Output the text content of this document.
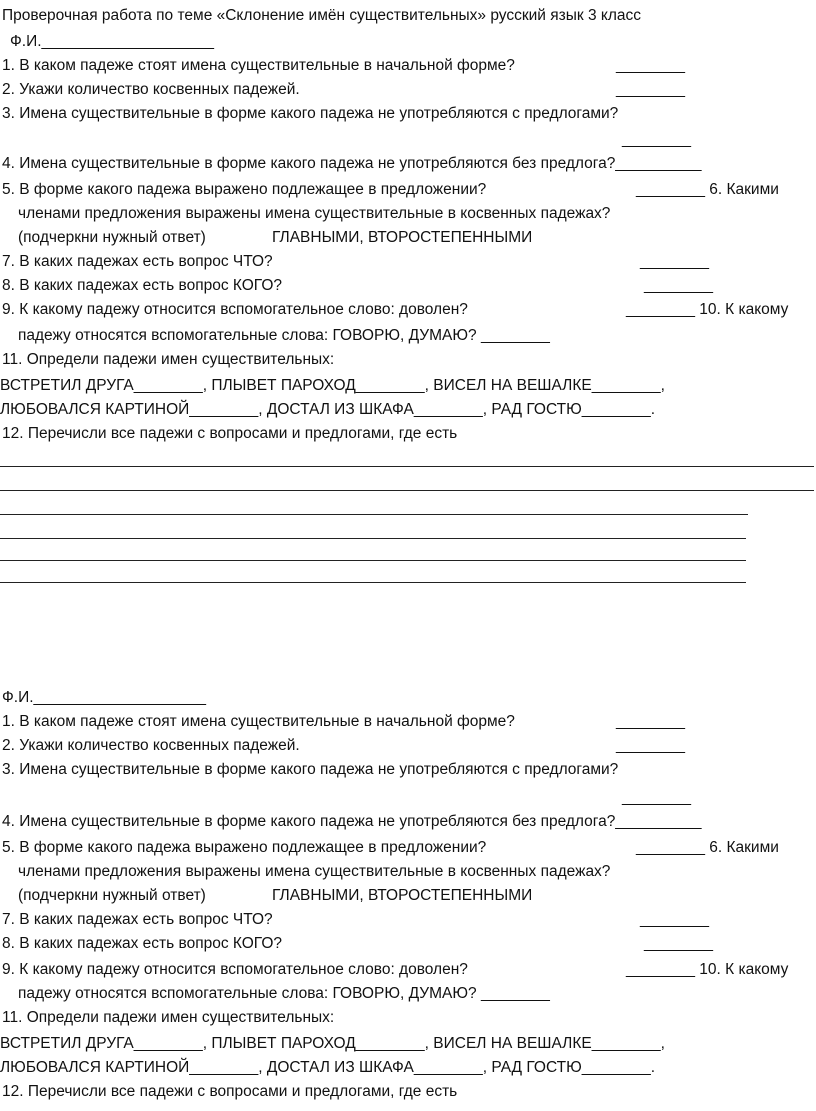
Проверочная работа по теме «Склонение имён существительных» русский язык 3 класс
Ф.И.____________________
1. В каком падеже стоят имена существительные в начальной форме?	________
2. Укажи количество косвенных падежей.	________
3. Имена существительные в форме какого падежа не употребляются с предлогами?
________
4. Имена существительные в форме какого падежа не употребляются без предлога?__________
5. В форме какого падежа выражено подлежащее в предложении?	________ 6. Какими
членами предложения выражены имена существительные в косвенных падежах?
(подчеркни нужный ответ)	ГЛАВНЫМИ, ВТОРОСТЕПЕННЫМИ
7. В каких падежах есть вопрос ЧТО?	________
8. В каких падежах есть вопрос КОГО?	________
9. К какому падежу относится вспомогательное слово: доволен?	________ 10. К какому
падежу относятся вспомогательные слова: ГОВОРЮ, ДУМАЮ? ________
11. Определи падежи имен существительных:
ВСТРЕТИЛ ДРУГА________, ПЛЫВЕТ ПАРОХОД________, ВИСЕЛ НА ВЕШАЛКЕ________,
ЛЮБОВАЛСЯ КАРТИНОЙ________, ДОСТАЛ ИЗ ШКАФА________, РАД ГОСТЮ________.
12. Перечисли все падежи с вопросами и предлогами, где есть
Ф.И.____________________
1. В каком падеже стоят имена существительные в начальной форме?	________
2. Укажи количество косвенных падежей.	________
3. Имена существительные в форме какого падежа не употребляются с предлогами?
________
4. Имена существительные в форме какого падежа не употребляются без предлога?__________
5. В форме какого падежа выражено подлежащее в предложении?	________ 6. Какими
членами предложения выражены имена существительные в косвенных падежах?
(подчеркни нужный ответ)	ГЛАВНЫМИ, ВТОРОСТЕПЕННЫМИ
7. В каких падежах есть вопрос ЧТО?	________
8. В каких падежах есть вопрос КОГО?	________
9. К какому падежу относится вспомогательное слово: доволен?	________ 10. К какому
падежу относятся вспомогательные слова: ГОВОРЮ, ДУМАЮ? ________
11. Определи падежи имен существительных:
ВСТРЕТИЛ ДРУГА________, ПЛЫВЕТ ПАРОХОД________, ВИСЕЛ НА ВЕШАЛКЕ________,
ЛЮБОВАЛСЯ КАРТИНОЙ________, ДОСТАЛ ИЗ ШКАФА________, РАД ГОСТЮ________.
12. Перечисли все падежи с вопросами и предлогами, где есть
